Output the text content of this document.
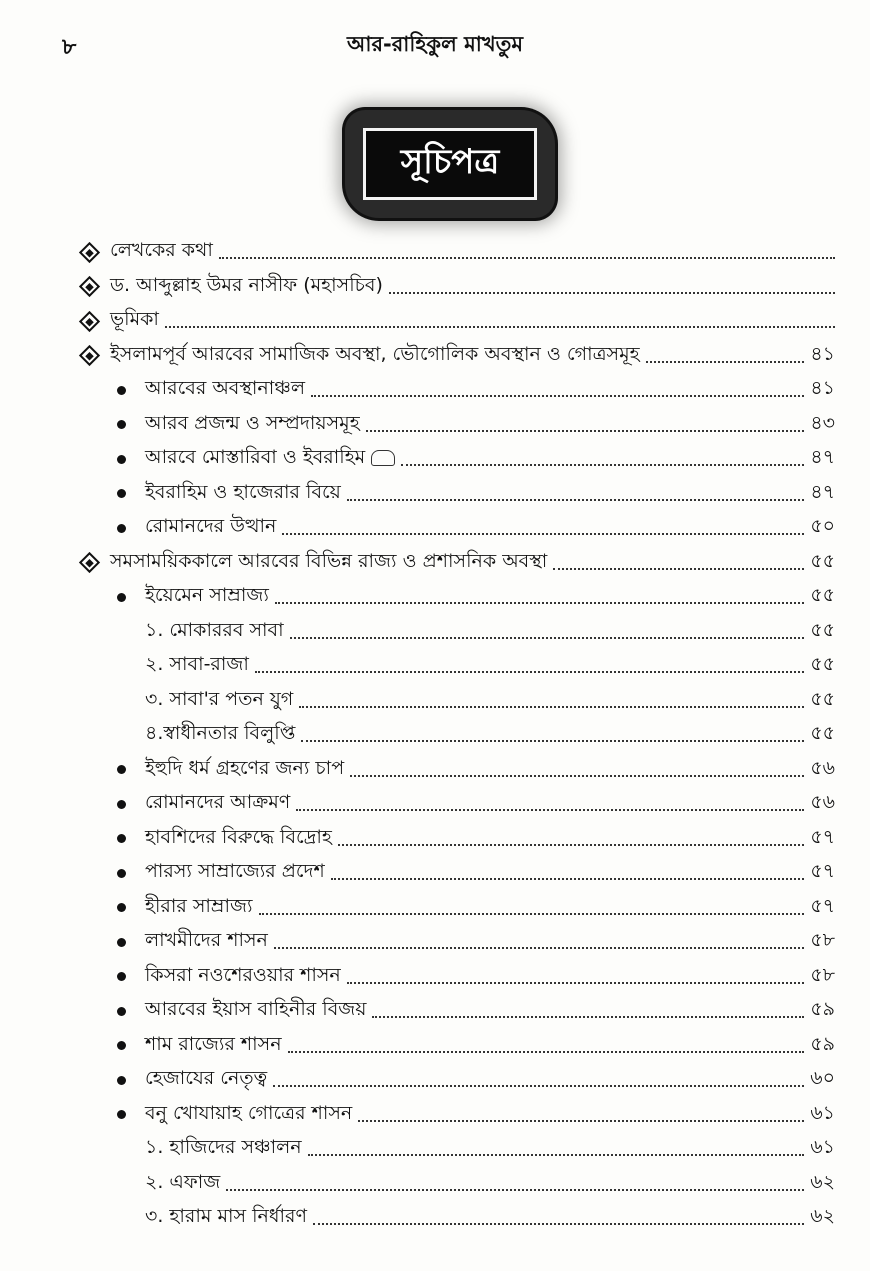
৮	আর-রাহিকুল মাখতুম
সূচিপত্র
লেখকের কথা
ড. আব্দুল্লাহ উমর নাসীফ (মহাসচিব)
ভূমিকা
ইসলামপূর্ব আরবের সামাজিক অবস্থা, ভৌগোলিক অবস্থান ও গোত্রসমূহ	৪১
আরবের অবস্থানাঞ্চল	৪১
আরব প্রজন্ম ও সম্প্রদায়সমূহ	৪৩
আরবে মোস্তারিবা ও ইবরাহিম	৪৭
ইবরাহিম ও হাজেরার বিয়ে	৪৭
রোমানদের উত্থান	৫০
সমসাময়িককালে আরবের বিভিন্ন রাজ্য ও প্রশাসনিক অবস্থা	৫৫
ইয়েমেন সাম্রাজ্য	৫৫
১. মোকাররব সাবা	৫৫
২. সাবা-রাজা	৫৫
৩. সাবা'র পতন যুগ	৫৫
৪.স্বাধীনতার বিলুপ্তি	৫৫
ইহুদি ধর্ম গ্রহণের জন্য চাপ	৫৬
রোমানদের আক্রমণ	৫৬
হাবশিদের বিরুদ্ধে বিদ্রোহ	৫৭
পারস্য সাম্রাজ্যের প্রদেশ	৫৭
হীরার সাম্রাজ্য	৫৭
লাখমীদের শাসন	৫৮
কিসরা নওশেরওয়ার শাসন	৫৮
আরবের ইয়াস বাহিনীর বিজয়	৫৯
শাম রাজ্যের শাসন	৫৯
হেজাযের নেতৃত্ব	৬০
বনু খোযায়াহ গোত্রের শাসন	৬১
১. হাজিদের সঞ্চালন	৬১
২. এফাজ	৬২
৩. হারাম মাস নির্ধারণ	৬২
